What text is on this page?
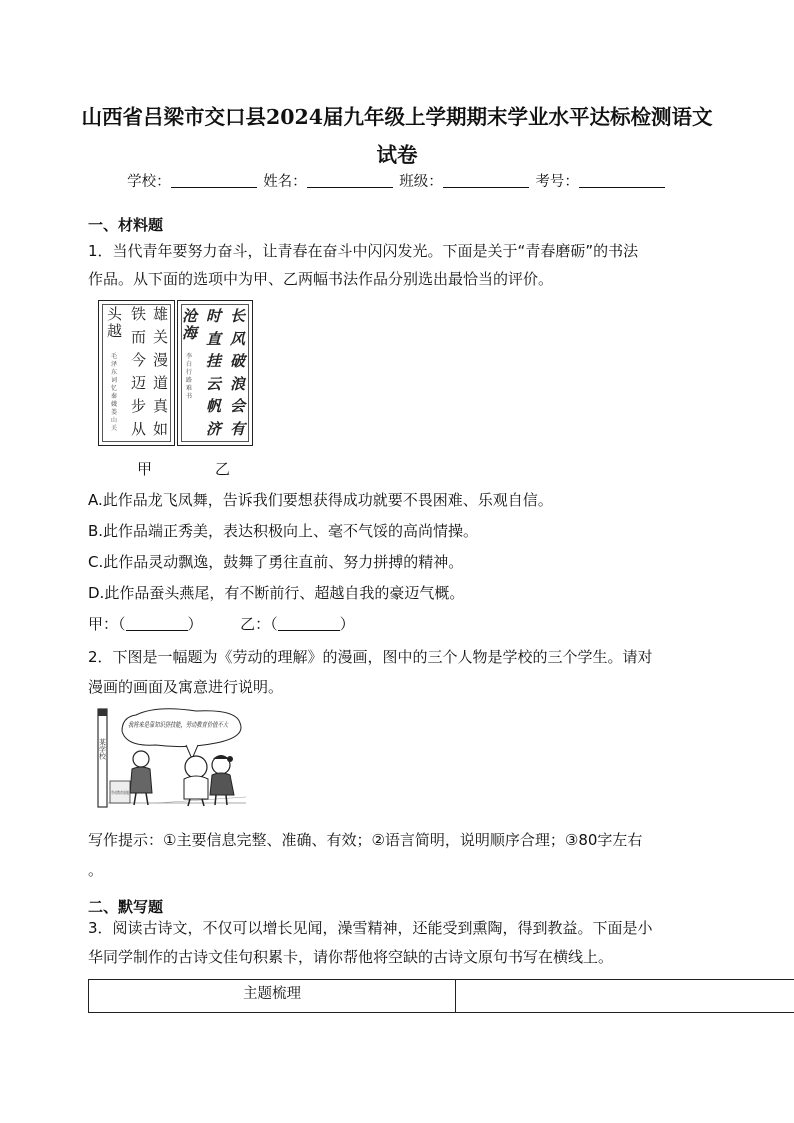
山西省吕梁市交口县2024届九年级上学期期末学业水平达标检测语文
试卷
学校：	姓名：	班级：	考号：
一、材料题
1．当代青年要努力奋斗，让青春在奋斗中闪闪发光。下面是关于“青春磨砺”的书法
作品。从下面的选项中为甲、乙两幅书法作品分别选出最恰当的评价。
雄
关
漫
道
真
如
铁
而
今
迈
步
从
头
越
毛泽东词忆秦娥娄山关
长
风
破
浪
会
有
时
直
挂
云
帆
济
沧
海
李白行路难书
甲	乙
A.此作品龙飞凤舞，告诉我们要想获得成功就要不畏困难、乐观自信。
B.此作品端正秀美，表达积极向上、毫不气馁的高尚情操。
C.此作品灵动飘逸，鼓舞了勇往直前、努力拼搏的精神。
D.此作品蚕头燕尾，有不断前行、超越自我的豪迈气概。
甲：（	）	乙：（	）
2．下图是一幅题为《劳动的理解》的漫画，图中的三个人物是学校的三个学生。请对
漫画的画面及寓意进行说明。
某学校
我将来是靠知识拼技能，劳动教育价值不大
劳动教育基地
写作提示：①主要信息完整、准确、有效；②语言简明，说明顺序合理；③80字左右
。
二、默写题
3．阅读古诗文，不仅可以增长见闻，澡雪精神，还能受到熏陶，得到教益。下面是小
华同学制作的古诗文佳句积累卡，请你帮他将空缺的古诗文原句书写在横线上。
主题梳理	
